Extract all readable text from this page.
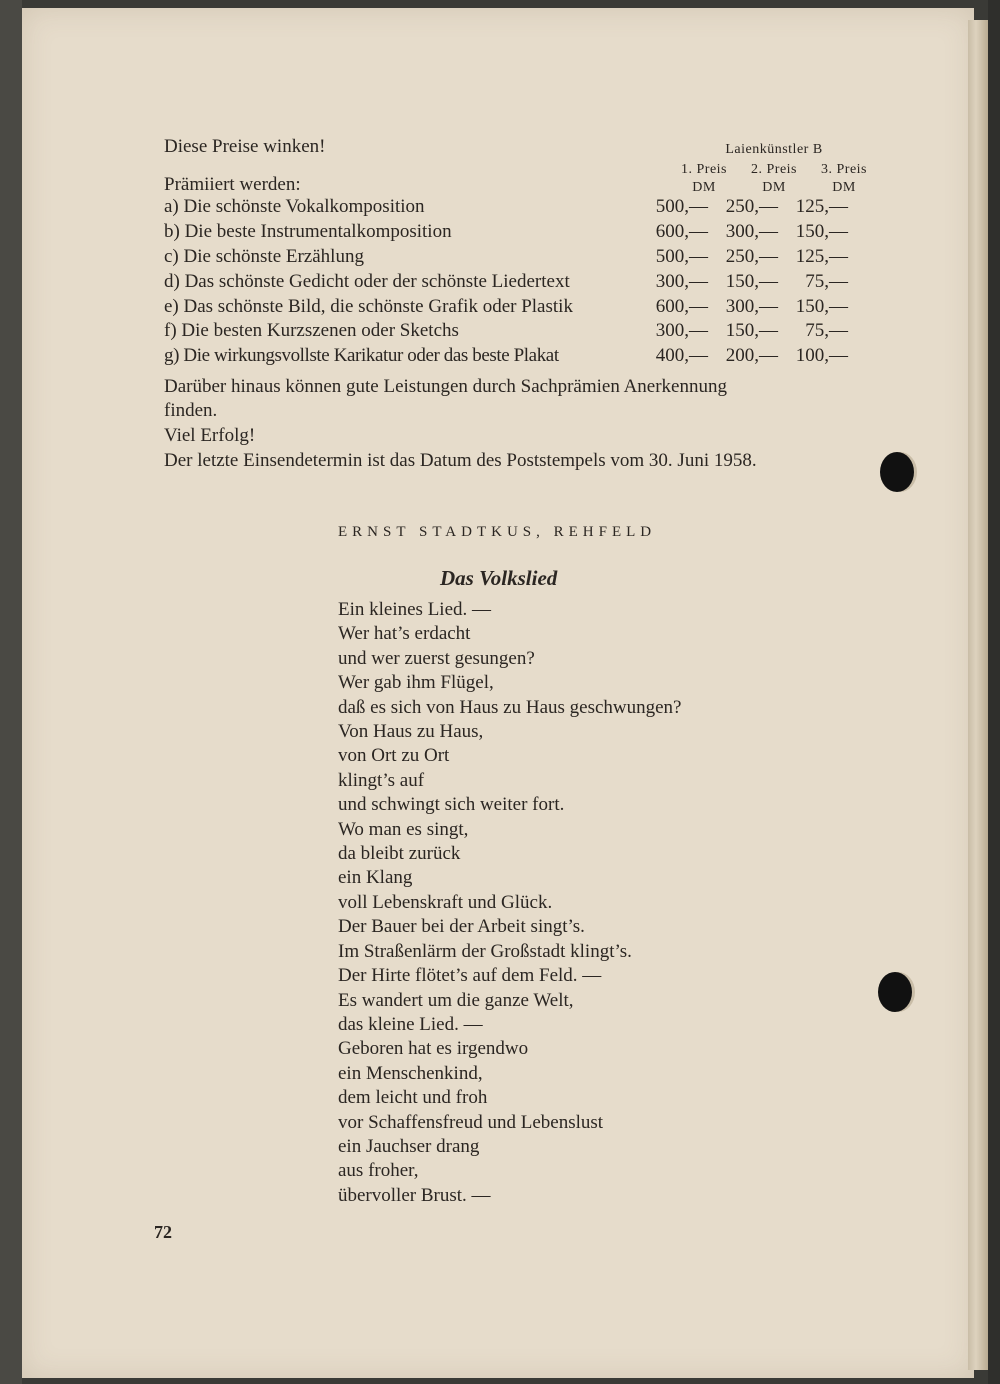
Diese Preise winken!
Prämiiert werden:
Laienkünstler B
1. Preis	2. Preis	3. Preis
DM	DM	DM
a) Die schönste Vokalkomposition	500,— 250,— 125,—
b) Die beste Instrumentalkomposition	600,— 300,— 150,—
c) Die schönste Erzählung	500,— 250,— 125,—
d) Das schönste Gedicht oder der schönste Liedertext	300,— 150,—	75,—
e) Das schönste Bild, die schönste Grafik oder Plastik	600,— 300,— 150,—
f) Die besten Kurzszenen oder Sketchs	300,— 150,—	75,—
g) Die wirkungsvollste Karikatur oder das beste Plakat	400,— 200,— 100,—
Darüber hinaus können gute Leistungen durch Sachprämien Anerkennung
finden.
Viel Erfolg!
Der letzte Einsendetermin ist das Datum des Poststempels vom 30. Juni 1958.
ERNST STADTKUS, REHFELD
Das Volkslied
Ein kleines Lied. —
Wer hat’s erdacht
und wer zuerst gesungen?
Wer gab ihm Flügel,
daß es sich von Haus zu Haus geschwungen?
Von Haus zu Haus,
von Ort zu Ort
klingt’s auf
und schwingt sich weiter fort.
Wo man es singt,
da bleibt zurück
ein Klang
voll Lebenskraft und Glück.
Der Bauer bei der Arbeit singt’s.
Im Straßenlärm der Großstadt klingt’s.
Der Hirte flötet’s auf dem Feld. —
Es wandert um die ganze Welt,
das kleine Lied. —
Geboren hat es irgendwo
ein Menschenkind,
dem leicht und froh
vor Schaffensfreud und Lebenslust
ein Jauchser drang
aus froher,
übervoller Brust. —
72
